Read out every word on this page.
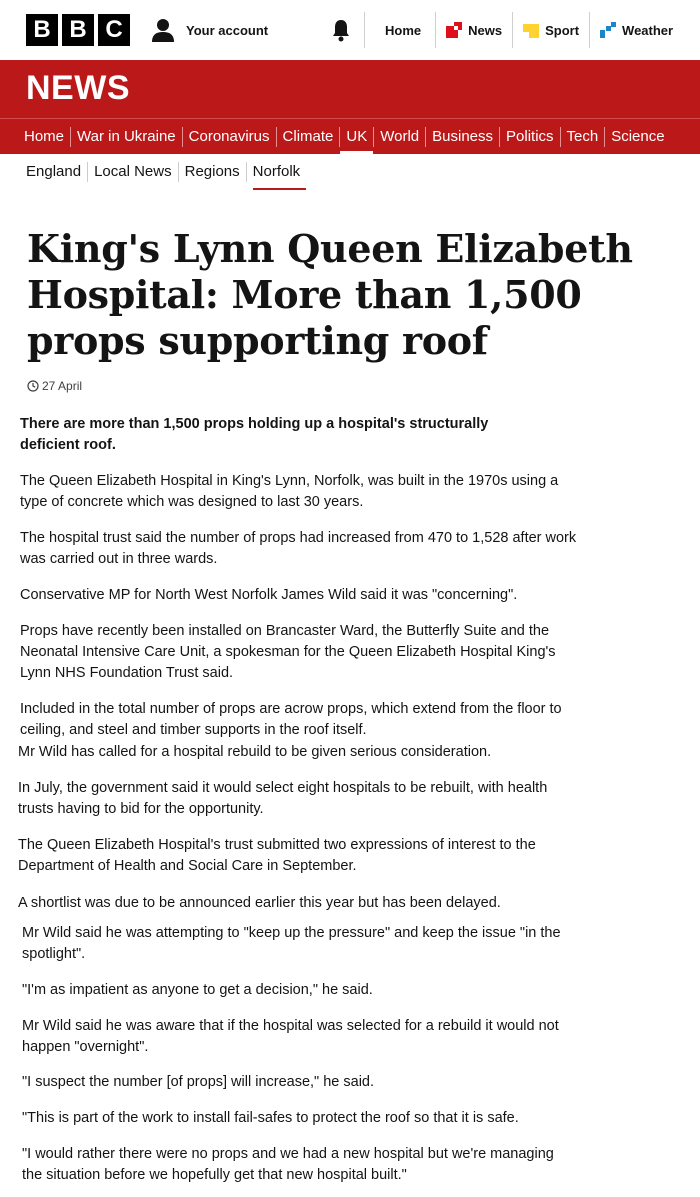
B B C	Your account	Home	News	Sport	Weather
NEWS
Home War in Ukraine Coronavirus Climate UK World Business Politics Tech Science
England Local News Regions Norfolk
King's Lynn Queen Elizabeth Hospital: More than 1,500 props supporting roof
27 April

There are more than 1,500 props holding up a hospital's structurally deficient roof.

The Queen Elizabeth Hospital in King's Lynn, Norfolk, was built in the 1970s using a type of concrete which was designed to last 30 years.

The hospital trust said the number of props had increased from 470 to 1,528 after work was carried out in three wards.

Conservative MP for North West Norfolk James Wild said it was "concerning".

Props have recently been installed on Brancaster Ward, the Butterfly Suite and the Neonatal Intensive Care Unit, a spokesman for the Queen Elizabeth Hospital King's Lynn NHS Foundation Trust said.

Included in the total number of props are acrow props, which extend from the floor to ceiling, and steel and timber supports in the roof itself.

Mr Wild has called for a hospital rebuild to be given serious consideration.

In July, the government said it would select eight hospitals to be rebuilt, with health trusts having to bid for the opportunity.

The Queen Elizabeth Hospital's trust submitted two expressions of interest to the Department of Health and Social Care in September.

A shortlist was due to be announced earlier this year but has been delayed.

Mr Wild said he was attempting to "keep up the pressure" and keep the issue "in the spotlight".

"I'm as impatient as anyone to get a decision," he said.

Mr Wild said he was aware that if the hospital was selected for a rebuild it would not happen "overnight".

"I suspect the number [of props] will increase," he said.

"This is part of the work to install fail-safes to protect the roof so that it is safe.

"I would rather there were no props and we had a new hospital but we're managing the situation before we hopefully get that new hospital built."
